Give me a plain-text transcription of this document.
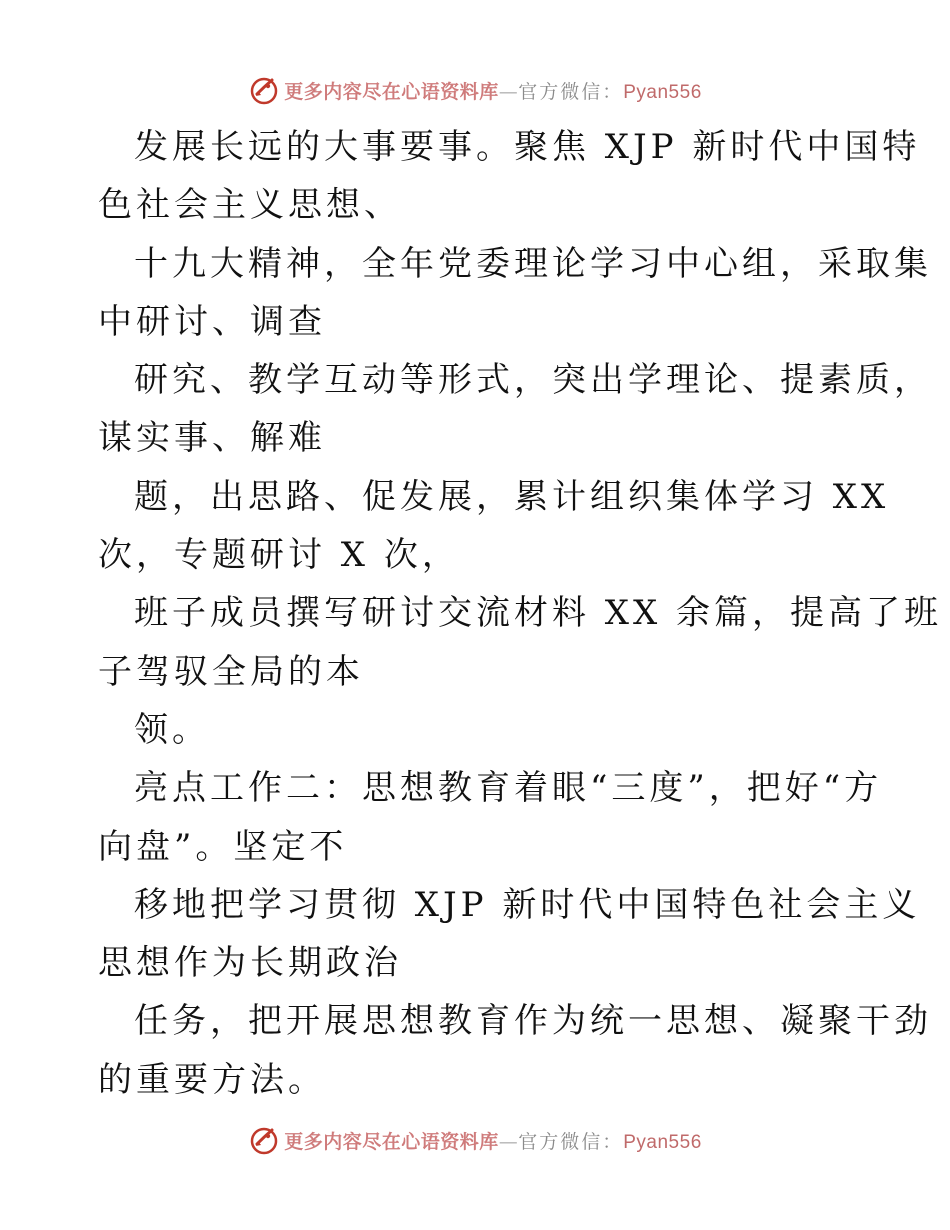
更多内容尽在心语资料库—官方微信：Pyan556
发展长远的大事要事。聚焦 XJP 新时代中国特
色社会主义思想、
十九大精神，全年党委理论学习中心组，采取集
中研讨、调查
研究、教学互动等形式，突出学理论、提素质，
谋实事、解难
题，出思路、促发展，累计组织集体学习 XX
次，专题研讨 X 次，
班子成员撰写研讨交流材料 XX 余篇，提高了班
子驾驭全局的本
领。
亮点工作二：思想教育着眼“三度”，把好“方
向盘”。坚定不
移地把学习贯彻 XJP 新时代中国特色社会主义
思想作为长期政治
任务，把开展思想教育作为统一思想、凝聚干劲
的重要方法。
更多内容尽在心语资料库—官方微信：Pyan556
